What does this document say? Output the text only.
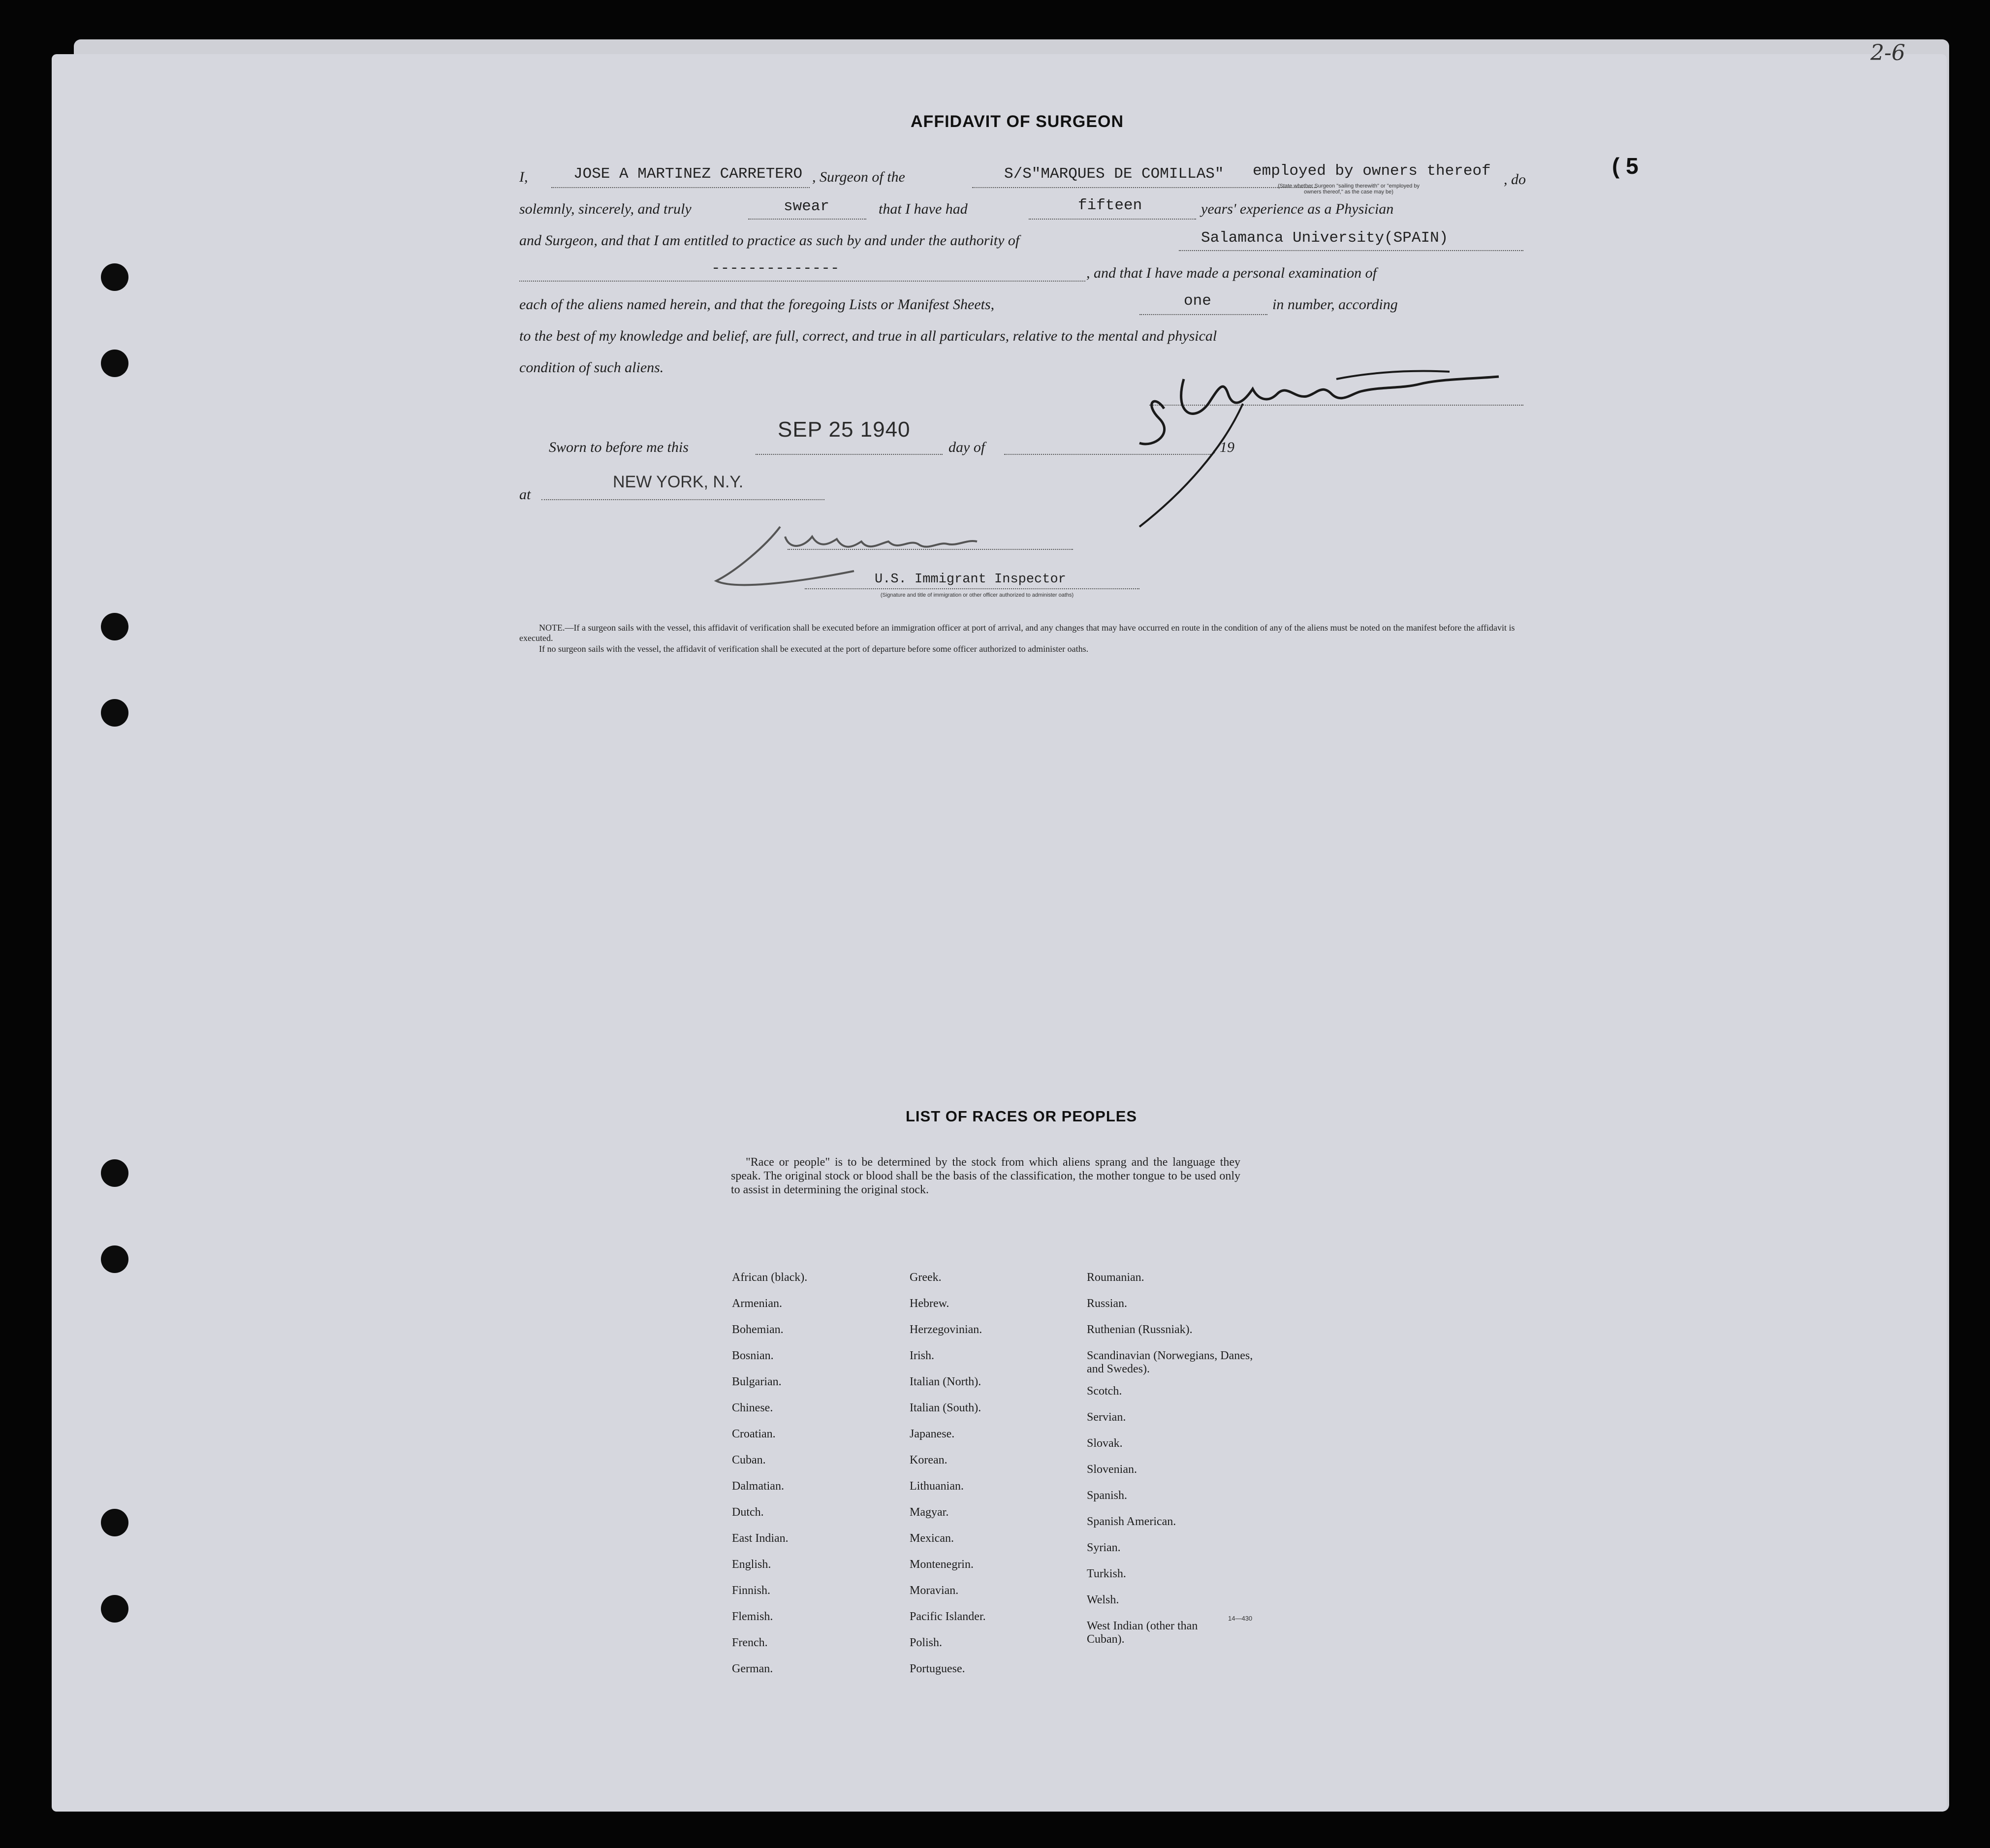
2-6
( 5
AFFIDAVIT OF SURGEON
I,	JOSE A MARTINEZ CARRETERO , Surgeon of the	S/S"MARQUES DE COMILLAS" employed by owners thereof , do
(State whether Surgeon "sailing therewith" or "employed by owners thereof," as the case may be)
solemnly, sincerely, and truly	swear	that I have had	fifteen	years' experience as a Physician
and Surgeon, and that I am entitled to practice as such by and under the authority of	Salamanca University(SPAIN)
--------------	, and that I have made a personal examination of
each of the aliens named herein, and that the foregoing Lists or Manifest Sheets,	one	in number, according
to the best of my knowledge and belief, are full, correct, and true in all particulars, relative to the mental and physical
condition of such aliens.
Sworn to before me this
SEP 25 1940
day of	, 19
at
NEW YORK, N.Y.
U.S. Immigrant Inspector
(Signature and title of immigration or other officer authorized to administer oaths)
NOTE.—If a surgeon sails with the vessel, this affidavit of verification shall be executed before an immigration officer at port of arrival, and any changes that may have occurred en route in the condition of any of the aliens must be noted on the manifest before the affidavit is executed.
If no surgeon sails with the vessel, the affidavit of verification shall be executed at the port of departure before some officer authorized to administer oaths.
LIST OF RACES OR PEOPLES
"Race or people" is to be determined by the stock from which aliens sprang and the language they speak. The original stock or blood shall be the basis of the classification, the mother tongue to be used only to assist in determining the original stock.
African (black).
Armenian.
Bohemian.
Bosnian.
Bulgarian.
Chinese.
Croatian.
Cuban.
Dalmatian.
Dutch.
East Indian.
English.
Finnish.
Flemish.
French.
German.
Greek.
Hebrew.
Herzegovinian.
Irish.
Italian (North).
Italian (South).
Japanese.
Korean.
Lithuanian.
Magyar.
Mexican.
Montenegrin.
Moravian.
Pacific Islander.
Polish.
Portuguese.
Roumanian.
Russian.
Ruthenian (Russniak).
Scandinavian (Norwegians, Danes, and Swedes).
Scotch.
Servian.
Slovak.
Slovenian.
Spanish.
Spanish American.
Syrian.
Turkish.
Welsh.
West Indian (other than Cuban).
14—430
